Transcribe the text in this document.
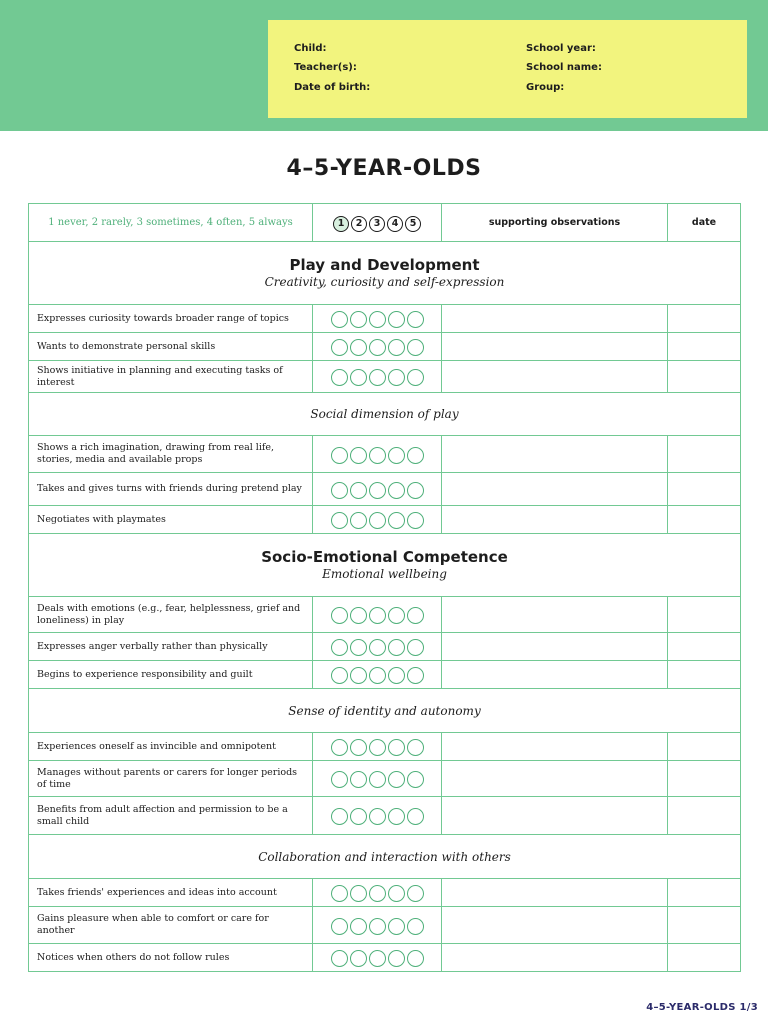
Child:
Teacher(s):
Date of birth:
School year:
School name:
Group:
4–5-YEAR-OLDS
1 never, 2 rarely, 3 sometimes, 4 often, 5 always	1 2 3 4 5	supporting observations	date

Play and Development
Creativity, curiosity and self-expression			

Expresses curiosity towards broader range of topics			
Wants to demonstrate personal skills			
Shows initiative in planning and executing tasks of interest			

Social dimension of play			

Shows a rich imagination, drawing from real life, stories, media and available props			
Takes and gives turns with friends during pretend play			
Negotiates with playmates			

Socio-Emotional Competence
Emotional wellbeing			

Deals with emotions (e.g., fear, helplessness, grief and loneliness) in play			
Expresses anger verbally rather than physically			
Begins to experience responsibility and guilt			

Sense of identity and autonomy			

Experiences oneself as invincible and omnipotent			
Manages without parents or carers for longer periods of time			
Benefits from adult affection and permission to be a small child			

Collaboration and interaction with others			

Takes friends' experiences and ideas into account			
Gains pleasure when able to comfort or care for another			
Notices when others do not follow rules			
4–5-YEAR-OLDS 1/3
